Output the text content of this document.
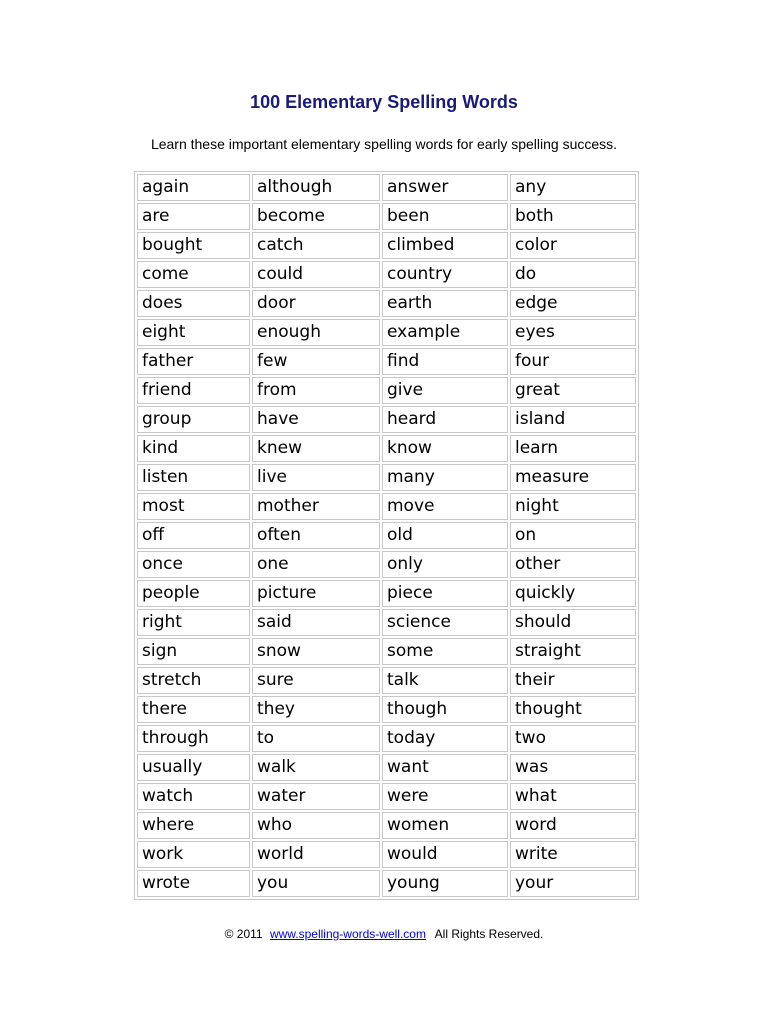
100 Elementary Spelling Words
Learn these important elementary spelling words for early spelling success.
again	although	answer	any
are	become	been	both
bought	catch	climbed	color
come	could	country	do
does	door	earth	edge
eight	enough	example	eyes
father	few	find	four
friend	from	give	great
group	have	heard	island
kind	knew	know	learn
listen	live	many	measure
most	mother	move	night
off	often	old	on
once	one	only	other
people	picture	piece	quickly
right	said	science	should
sign	snow	some	straight
stretch	sure	talk	their
there	they	though	thought
through	to	today	two
usually	walk	want	was
watch	water	were	what
where	who	women	word
work	world	would	write
wrote	you	young	your
© 2011 www.spelling-words-well.com All Rights Reserved.
